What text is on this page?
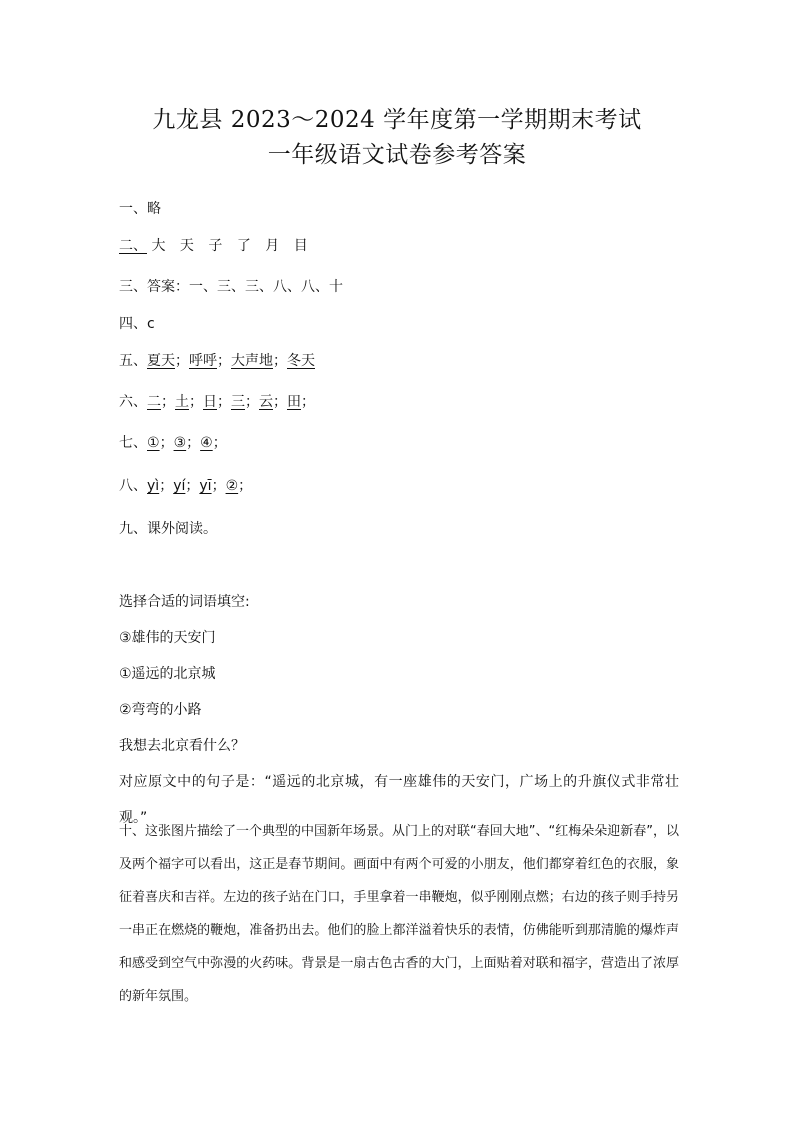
九龙县 2023～2024 学年度第一学期期末考试
一年级语文试卷参考答案
一、略
二、 大 天 子 了 月 目
三、答案：一、三、三、八、八、十
四、c
五、夏天；呼呼；大声地；冬天
六、二；土；日；三；云；田；
七、①；③；④；
八、yì；yí；yī；②；
九、课外阅读。
选择合适的词语填空:
③雄伟的天安门
①遥远的北京城
②弯弯的小路
我想去北京看什么？
对应原文中的句子是：“遥远的北京城，有一座雄伟的天安门，广场上的升旗仪式非常壮观。”
十、这张图片描绘了一个典型的中国新年场景。从门上的对联“春回大地”、“红梅朵朵迎新春”，以及两个福字可以看出，这正是春节期间。画面中有两个可爱的小朋友，他们都穿着红色的衣服，象征着喜庆和吉祥。左边的孩子站在门口，手里拿着一串鞭炮，似乎刚刚点燃；右边的孩子则手持另一串正在燃烧的鞭炮，准备扔出去。他们的脸上都洋溢着快乐的表情，仿佛能听到那清脆的爆炸声和感受到空气中弥漫的火药味。背景是一扇古色古香的大门，上面贴着对联和福字，营造出了浓厚的新年氛围。
